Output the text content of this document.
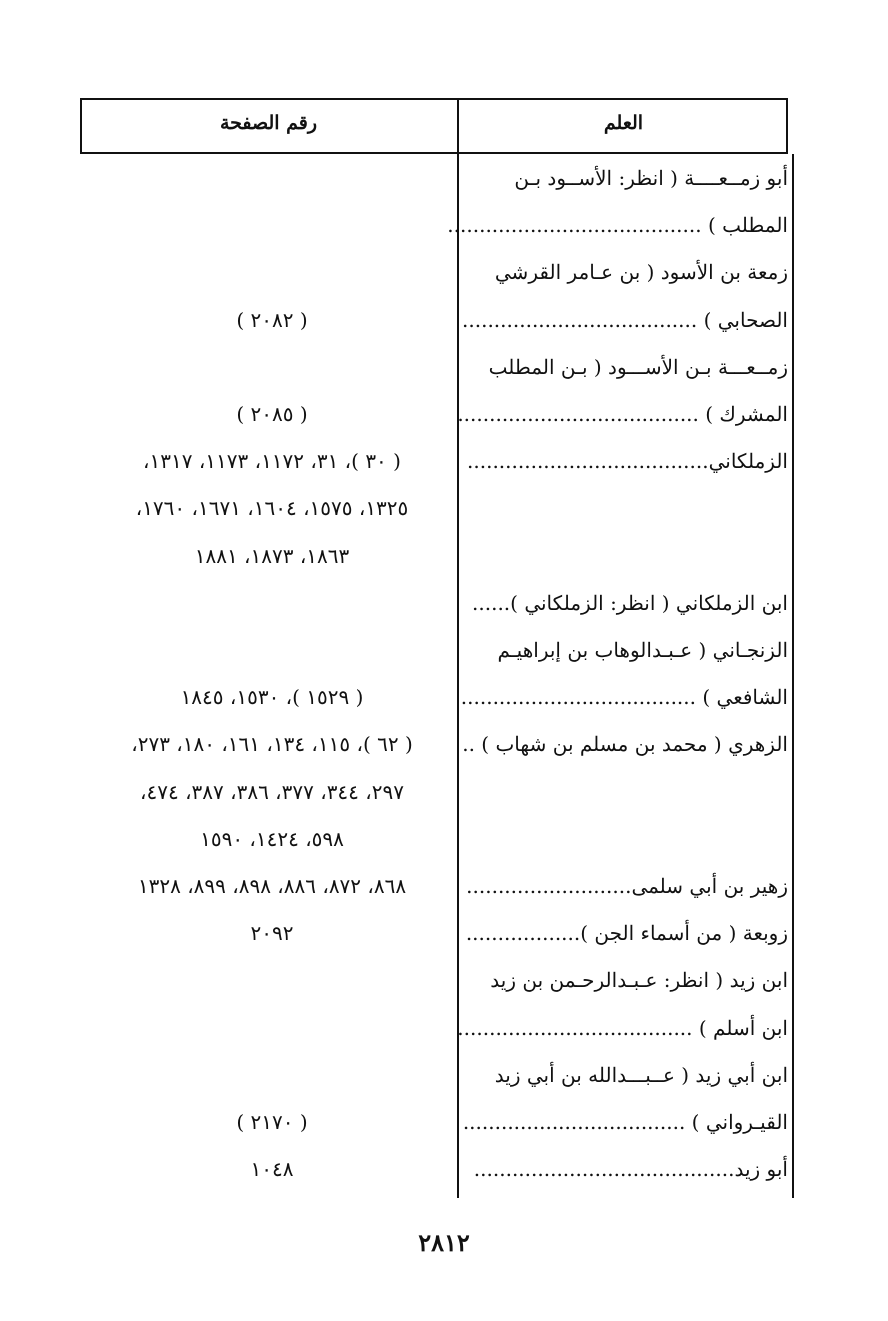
العلم
رقم الصفحة
أبو زمــعــــة ( انظر: الأســود بـن
المطلب ) ........................................
زمعة بن الأسود ( بن عـامر القرشي
الصحابي ) .....................................
( ٢٠٨٢ )
زمــعـــة بـن الأســـود ( بـن المطلب
المشرك ) ......................................
( ٢٠٨٥ )
الزملكاني......................................
( ٣٠ )، ٣١، ١١٧٢، ١١٧٣، ١٣١٧،
١٣٢٥، ١٥٧٥، ١٦٠٤، ١٦٧١، ١٧٦٠،
١٨٦٣، ١٨٧٣، ١٨٨١
ابن الزملكاني ( انظر: الزملكاني )......
الزنجـاني ( عـبـدالوهاب بن إبراهيـم
الشافعي ) .....................................
( ١٥٢٩ )، ١٥٣٠، ١٨٤٥
الزهري ( محمد بن مسلم بن شهاب ) ..
( ٦٢ )، ١١٥، ١٣٤، ١٦١، ١٨٠، ٢٧٣،
٢٩٧، ٣٤٤، ٣٧٧، ٣٨٦، ٣٨٧، ٤٧٤،
٥٩٨، ١٤٢٤، ١٥٩٠
زهير بن أبي سلمى..........................
٨٦٨، ٨٧٢، ٨٨٦، ٨٩٨، ٨٩٩، ١٣٢٨
زوبعة ( من أسماء الجن )..................
٢٠٩٢
ابن زيد ( انظر: عـبـدالرحـمن بن زيد
ابن أسلم ) .....................................
ابن أبي زيد ( عــبـــدالله بن أبي زيد
القيـرواني ) ...................................
( ٢١٧٠ )
أبو زيد.........................................
١٠٤٨
٢٨١٢
